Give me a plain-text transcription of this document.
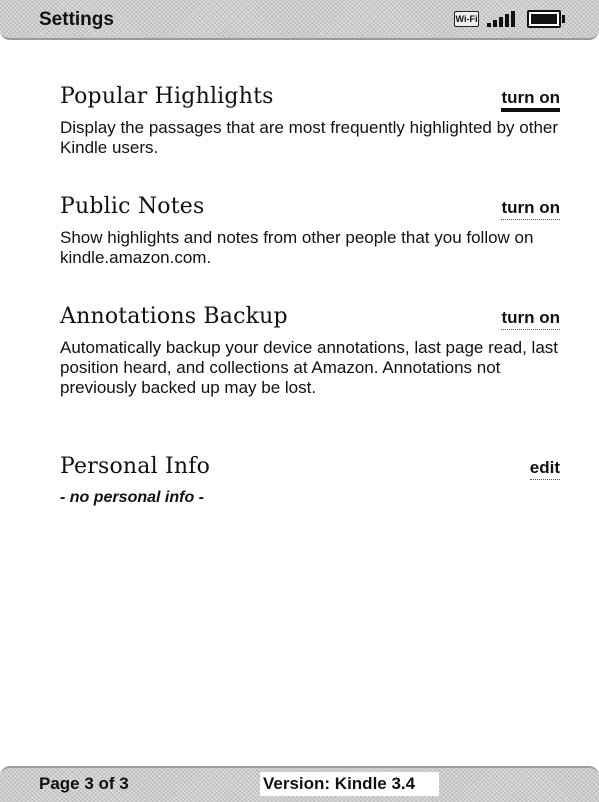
Settings	Wi-Fi
Popular Highlights	turn on
Display the passages that are most frequently highlighted by other Kindle users.
Public Notes	turn on
Show highlights and notes from other people that you follow on kindle.amazon.com.
Annotations Backup	turn on
Automatically backup your device annotations, last page read, last position heard, and collections at Amazon. Annotations not previously backed up may be lost.
Personal Info	edit
- no personal info -
Page 3 of 3	Version: Kindle 3.4
